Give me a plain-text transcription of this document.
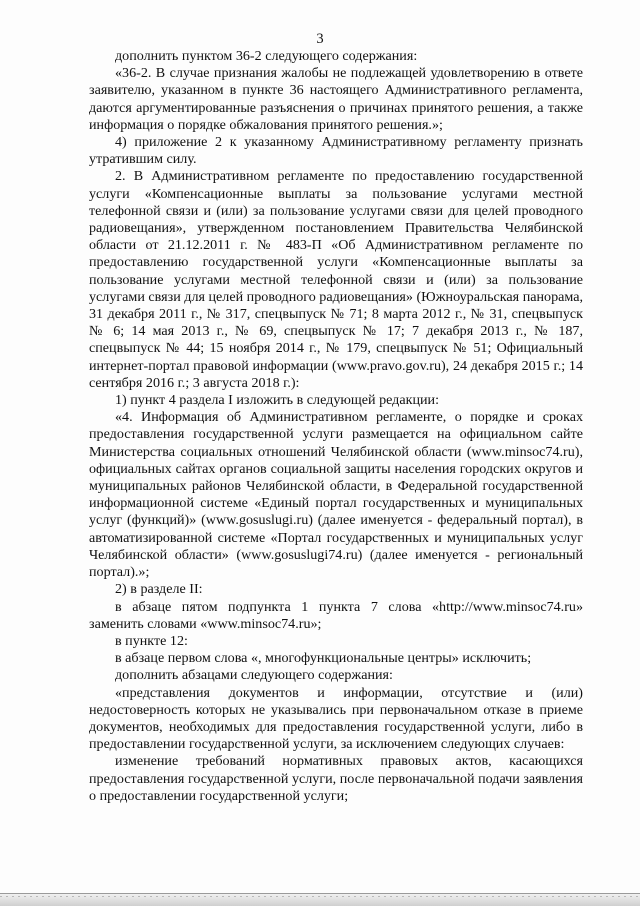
3

дополнить пунктом 36-2 следующего содержания:

«36-2. В случае признания жалобы не подлежащей удовлетворению в ответе заявителю, указанном в пункте 36 настоящего Административного регламента, даются аргументированные разъяснения о причинах принятого решения, а также информация о порядке обжалования принятого решения.»;

4) приложение 2 к указанному Административному регламенту признать утратившим силу.

2. В Административном регламенте по предоставлению государственной услуги «Компенсационные выплаты за пользование услугами местной телефонной связи и (или) за пользование услугами связи для целей проводного радиовещания», утвержденном постановлением Правительства Челябинской области от 21.12.2011 г. № 483-П «Об Административном регламенте по предоставлению государственной услуги «Компенсационные выплаты за пользование услугами местной телефонной связи и (или) за пользование услугами связи для целей проводного радиовещания» (Южноуральская панорама, 31 декабря 2011 г., № 317, спецвыпуск № 71; 8 марта 2012 г., № 31, спецвыпуск № 6; 14 мая 2013 г., № 69, спецвыпуск № 17; 7 декабря 2013 г., № 187, спецвыпуск № 44; 15 ноября 2014 г., № 179, спецвыпуск № 51; Официальный интернет-портал правовой информации (www.pravo.gov.ru), 24 декабря 2015 г.; 14 сентября 2016 г.; 3 августа 2018 г.):

1) пункт 4 раздела I изложить в следующей редакции:

«4. Информация об Административном регламенте, о порядке и сроках предоставления государственной услуги размещается на официальном сайте Министерства социальных отношений Челябинской области (www.minsoc74.ru), официальных сайтах органов социальной защиты населения городских округов и муниципальных районов Челябинской области, в Федеральной государственной информационной системе «Единый портал государственных и муниципальных услуг (функций)» (www.gosuslugi.ru) (далее именуется - федеральный портал), в автоматизированной системе «Портал государственных и муниципальных услуг Челябинской области» (www.gosuslugi74.ru) (далее именуется - региональный портал).»;

2) в разделе II:

в абзаце пятом подпункта 1 пункта 7 слова «http://www.minsoc74.ru» заменить словами «www.minsoc74.ru»;

в пункте 12:

в абзаце первом слова «, многофункциональные центры» исключить;

дополнить абзацами следующего содержания:

«представления документов и информации, отсутствие и (или) недостоверность которых не указывались при первоначальном отказе в приеме документов, необходимых для предоставления государственной услуги, либо в предоставлении государственной услуги, за исключением следующих случаев:

изменение требований нормативных правовых актов, касающихся предоставления государственной услуги, после первоначальной подачи заявления о предоставлении государственной услуги;
